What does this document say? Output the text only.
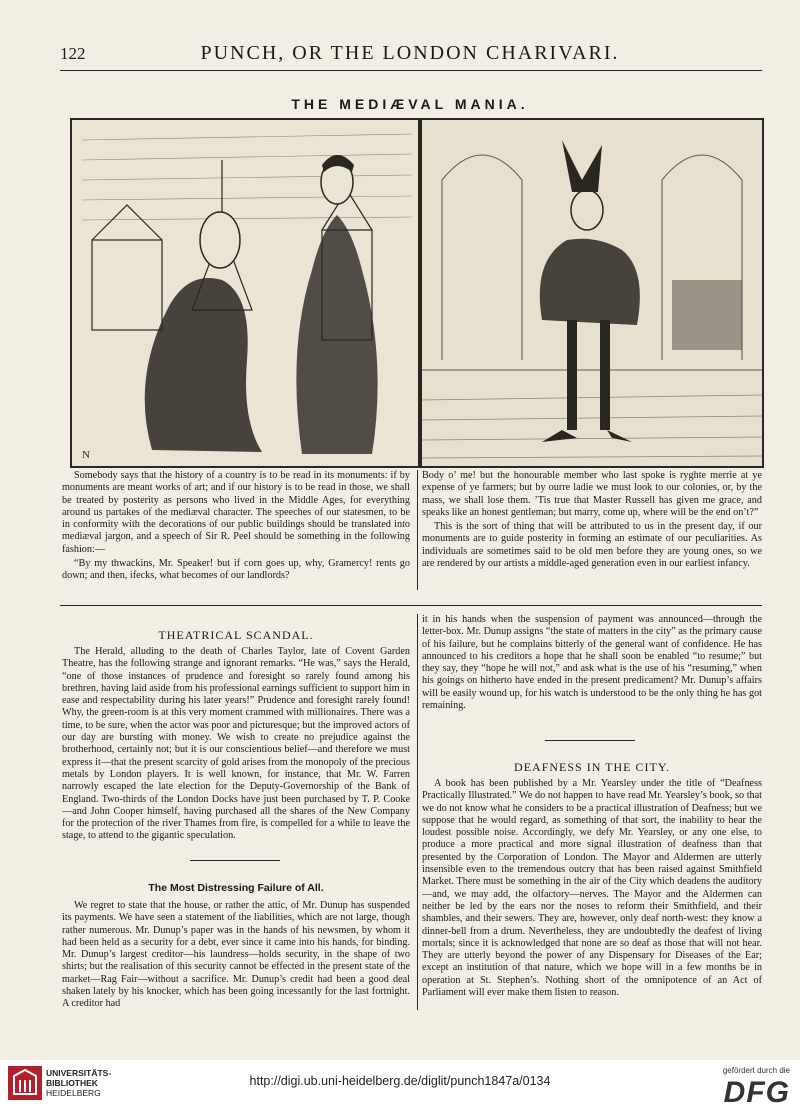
122	PUNCH, OR THE LONDON CHARIVARI.
THE MEDIÆVAL MANIA.
N

Somebody says that the history of a country is to be read in its monuments: if by monuments are meant works of art; and if our history is to be read in those, we shall be treated by posterity as persons who lived in the Middle Ages, for everything around us partakes of the mediæval character. The speeches of our statesmen, to be in conformity with the decorations of our public buildings should be translated into mediæval jargon, and a speech of Sir R. Peel should be something in the following fashion:—

“By my thwackins, Mr. Speaker! but if corn goes up, why, Gramercy! rents go down; and then, ifecks, what becomes of our landlords?

Body o’ me! but the honourable member who last spoke is ryghte merrie at ye expense of ye farmers; but by ourre ladie we must look to our colonies, or, by the mass, we shall lose them. ’Tis true that Master Russell has given me grace, and speaks like an honest gentleman; but marry, come up, where will be the end on’t?”

This is the sort of thing that will be attributed to us in the present day, if our monuments are to guide posterity in forming an estimate of our peculiarities. As individuals are sometimes said to be old men before they are young ones, so we are rendered by our artists a middle-aged generation even in our earliest infancy.

THEATRICAL SCANDAL.

The Herald, alluding to the death of Charles Taylor, late of Covent Garden Theatre, has the following strange and ignorant remarks. “He was,” says the Herald, “one of those instances of prudence and foresight so rarely found among his brethren, having laid aside from his professional earnings sufficient to support him in ease and respectability during his later years!” Prudence and foresight rarely found! Why, the green-room is at this very moment crammed with millionaires. There was a time, to be sure, when the actor was poor and picturesque; but the improved actors of our day are bursting with money. We wish to create no prejudice against the brotherhood, certainly not; but it is our conscientious belief—and therefore we must express it—that the present scarcity of gold arises from the monopoly of the precious metals by London players. It is well known, for instance, that Mr. W. Farren narrowly escaped the late election for the Deputy-Governorship of the Bank of England. Two-thirds of the London Docks have just been purchased by T. P. Cooke—and John Cooper himself, having purchased all the shares of the New Company for the protection of the river Thames from fire, is compelled for a while to leave the stage, to attend to the gigantic speculation.

The Most Distressing Failure of All.

We regret to state that the house, or rather the attic, of Mr. Dunup has suspended its payments. We have seen a statement of the liabilities, which are not large, though rather numerous. Mr. Dunup’s paper was in the hands of his newsmen, by whom it had been held as a security for a debt, ever since it came into his hands, for binding. Mr. Dunup’s largest creditor—his laundress—holds security, in the shape of two shirts; but the realisation of this security cannot be effected in the present state of the market—Rag Fair—without a sacrifice. Mr. Dunup’s credit had been a good deal shaken lately by his knocker, which has been going incessantly for the last fortnight. A creditor had

it in his hands when the suspension of payment was announced—through the letter-box. Mr. Dunup assigns “the state of matters in the city” as the primary cause of his failure, but he complains bitterly of the general want of confidence. He has announced to his creditors a hope that he shall soon be enabled “to resume;” but they say, they “hope he will not,” and ask what is the use of his “resuming,” when his goings on hitherto have ended in the present predicament? Mr. Dunup’s affairs will be easily wound up, for his watch is understood to be the only thing he has got remaining.

DEAFNESS IN THE CITY.

A book has been published by a Mr. Yearsley under the title of “Deafness Practically Illustrated.” We do not happen to have read Mr. Yearsley’s book, so that we do not know what he considers to be a practical illustration of Deafness; but we suppose that he would regard, as something of that sort, the inability to hear the loudest possible noise. Accordingly, we defy Mr. Yearsley, or any one else, to produce a more practical and more signal illustration of deafness than that presented by the Corporation of London. The Mayor and Aldermen are utterly insensible even to the tremendous outcry that has been raised against Smithfield Market. There must be something in the air of the City which deadens the auditory—and, we may add, the olfactory—nerves. The Mayor and the Aldermen can neither be led by the ears nor the noses to reform their Smithfield, and their shambles, and their sewers. They are, however, only deaf north-west: they know a dinner-bell from a drum. Nevertheless, they are undoubtedly the deafest of living mortals; since it is acknowledged that none are so deaf as those that will not hear. They are utterly beyond the power of any Dispensary for Diseases of the Ear; except an institution of that nature, which we hope will in a few months be in operation at St. Stephen’s. Nothing short of the omnipotence of an Act of Parliament will ever make them listen to reason.

UNIVERSITÄTS-
BIBLIOTHEK
HEIDELBERG
http://digi.ub.uni-heidelberg.de/diglit/punch1847a/0134
gefördert durch die
DFG
